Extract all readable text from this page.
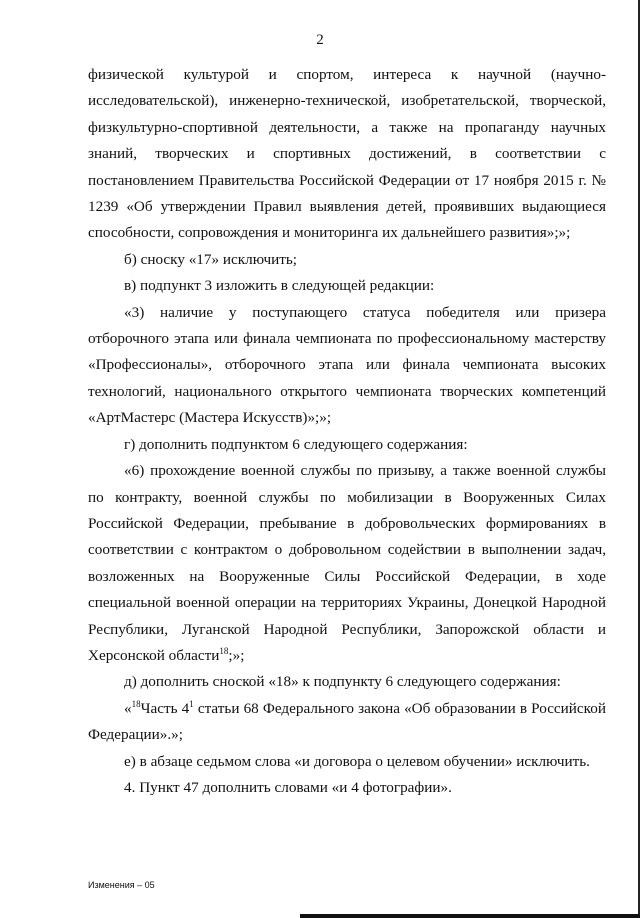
2

физической культурой и спортом, интереса к научной (научно-исследовательской), инженерно-технической, изобретательской, творческой, физкультурно-спортивной деятельности, а также на пропаганду научных знаний, творческих и спортивных достижений, в соответствии с постановлением Правительства Российской Федерации от 17 ноября 2015 г. № 1239 «Об утверждении Правил выявления детей, проявивших выдающиеся способности, сопровождения и мониторинга их дальнейшего развития»;»;

б) сноску «17» исключить;

в) подпункт 3 изложить в следующей редакции:

«3) наличие у поступающего статуса победителя или призера отборочного этапа или финала чемпионата по профессиональному мастерству «Профессионалы», отборочного этапа или финала чемпионата высоких технологий, национального открытого чемпионата творческих компетенций «АртМастерс (Мастера Искусств)»;»;

г) дополнить подпунктом 6 следующего содержания:

«6) прохождение военной службы по призыву, а также военной службы по контракту, военной службы по мобилизации в Вооруженных Силах Российской Федерации, пребывание в добровольческих формированиях в соответствии с контрактом о добровольном содействии в выполнении задач, возложенных на Вооруженные Силы Российской Федерации, в ходе специальной военной операции на территориях Украины, Донецкой Народной Республики, Луганской Народной Республики, Запорожской области и Херсонской области$^{18}$;»;

д) дополнить сноской «18» к подпункту 6 следующего содержания:

«$^{18}$Часть $4^1$ статьи 68 Федерального закона «Об образовании в Российской Федерации».»;

е) в абзаце седьмом слова «и договора о целевом обучении» исключить.

4. Пункт 47 дополнить словами «и 4 фотографии».

Изменения – 05
